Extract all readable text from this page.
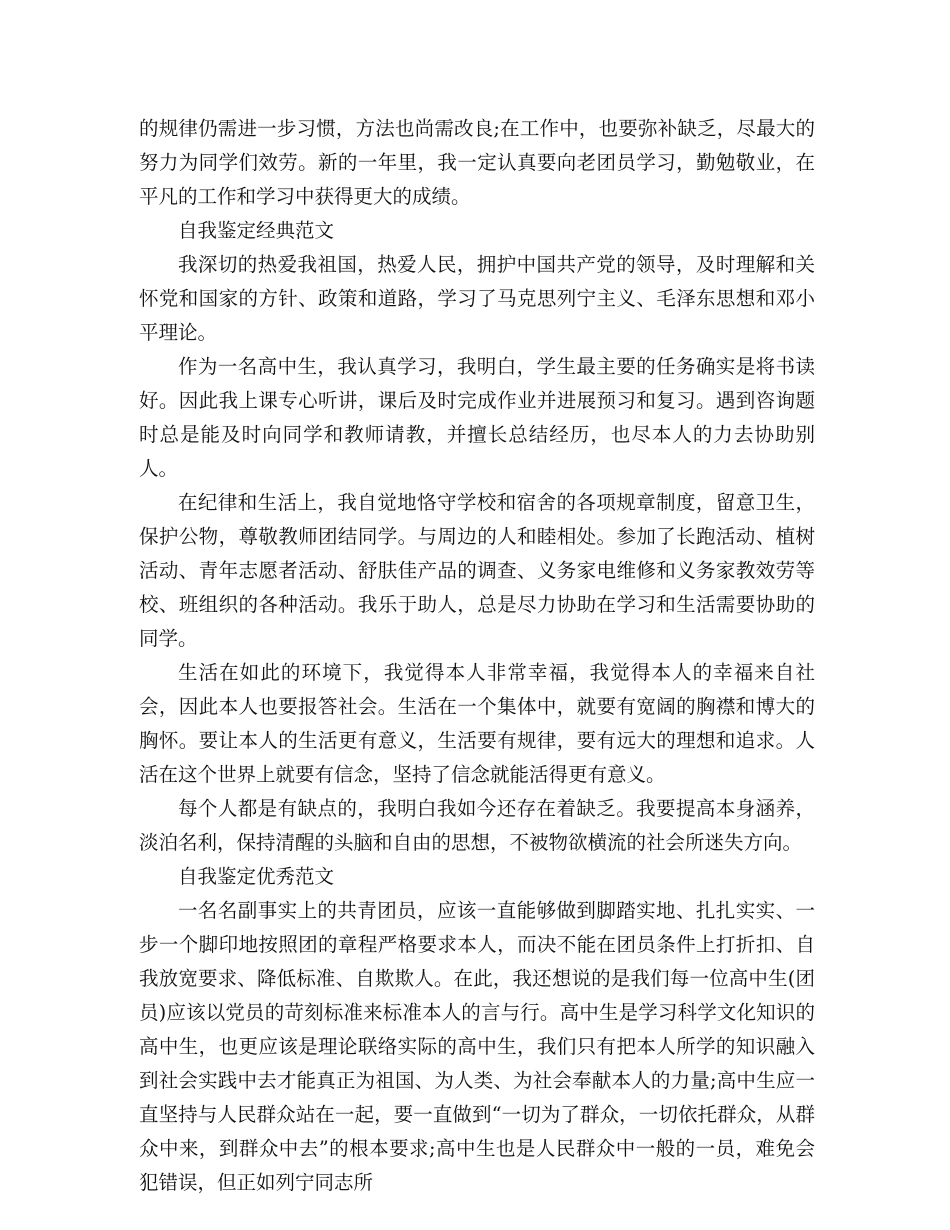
的规律仍需进一步习惯，方法也尚需改良;在工作中，也要弥补缺乏，尽最大的努力为同学们效劳。新的一年里，我一定认真要向老团员学习，勤勉敬业，在平凡的工作和学习中获得更大的成绩。

自我鉴定经典范文

我深切的热爱我祖国，热爱人民，拥护中国共产党的领导，及时理解和关怀党和国家的方针、政策和道路，学习了马克思列宁主义、毛泽东思想和邓小平理论。

作为一名高中生，我认真学习，我明白，学生最主要的任务确实是将书读好。因此我上课专心听讲，课后及时完成作业并进展预习和复习。遇到咨询题时总是能及时向同学和教师请教，并擅长总结经历，也尽本人的力去协助别人。

在纪律和生活上，我自觉地恪守学校和宿舍的各项规章制度，留意卫生，保护公物，尊敬教师团结同学。与周边的人和睦相处。参加了长跑活动、植树活动、青年志愿者活动、舒肤佳产品的调查、义务家电维修和义务家教效劳等校、班组织的各种活动。我乐于助人，总是尽力协助在学习和生活需要协助的同学。

生活在如此的环境下，我觉得本人非常幸福，我觉得本人的幸福来自社会，因此本人也要报答社会。生活在一个集体中，就要有宽阔的胸襟和博大的胸怀。要让本人的生活更有意义，生活要有规律，要有远大的理想和追求。人活在这个世界上就要有信念，坚持了信念就能活得更有意义。

每个人都是有缺点的，我明白我如今还存在着缺乏。我要提高本身涵养，淡泊名利，保持清醒的头脑和自由的思想，不被物欲横流的社会所迷失方向。

自我鉴定优秀范文

一名名副事实上的共青团员，应该一直能够做到脚踏实地、扎扎实实、一步一个脚印地按照团的章程严格要求本人，而决不能在团员条件上打折扣、自我放宽要求、降低标准、自欺欺人。在此，我还想说的是我们每一位高中生(团员)应该以党员的苛刻标准来标准本人的言与行。高中生是学习科学文化知识的高中生，也更应该是理论联络实际的高中生，我们只有把本人所学的知识融入到社会实践中去才能真正为祖国、为人类、为社会奉献本人的力量;高中生应一直坚持与人民群众站在一起，要一直做到“一切为了群众，一切依托群众，从群众中来，到群众中去”的根本要求;高中生也是人民群众中一般的一员，难免会犯错误，但正如列宁同志所
